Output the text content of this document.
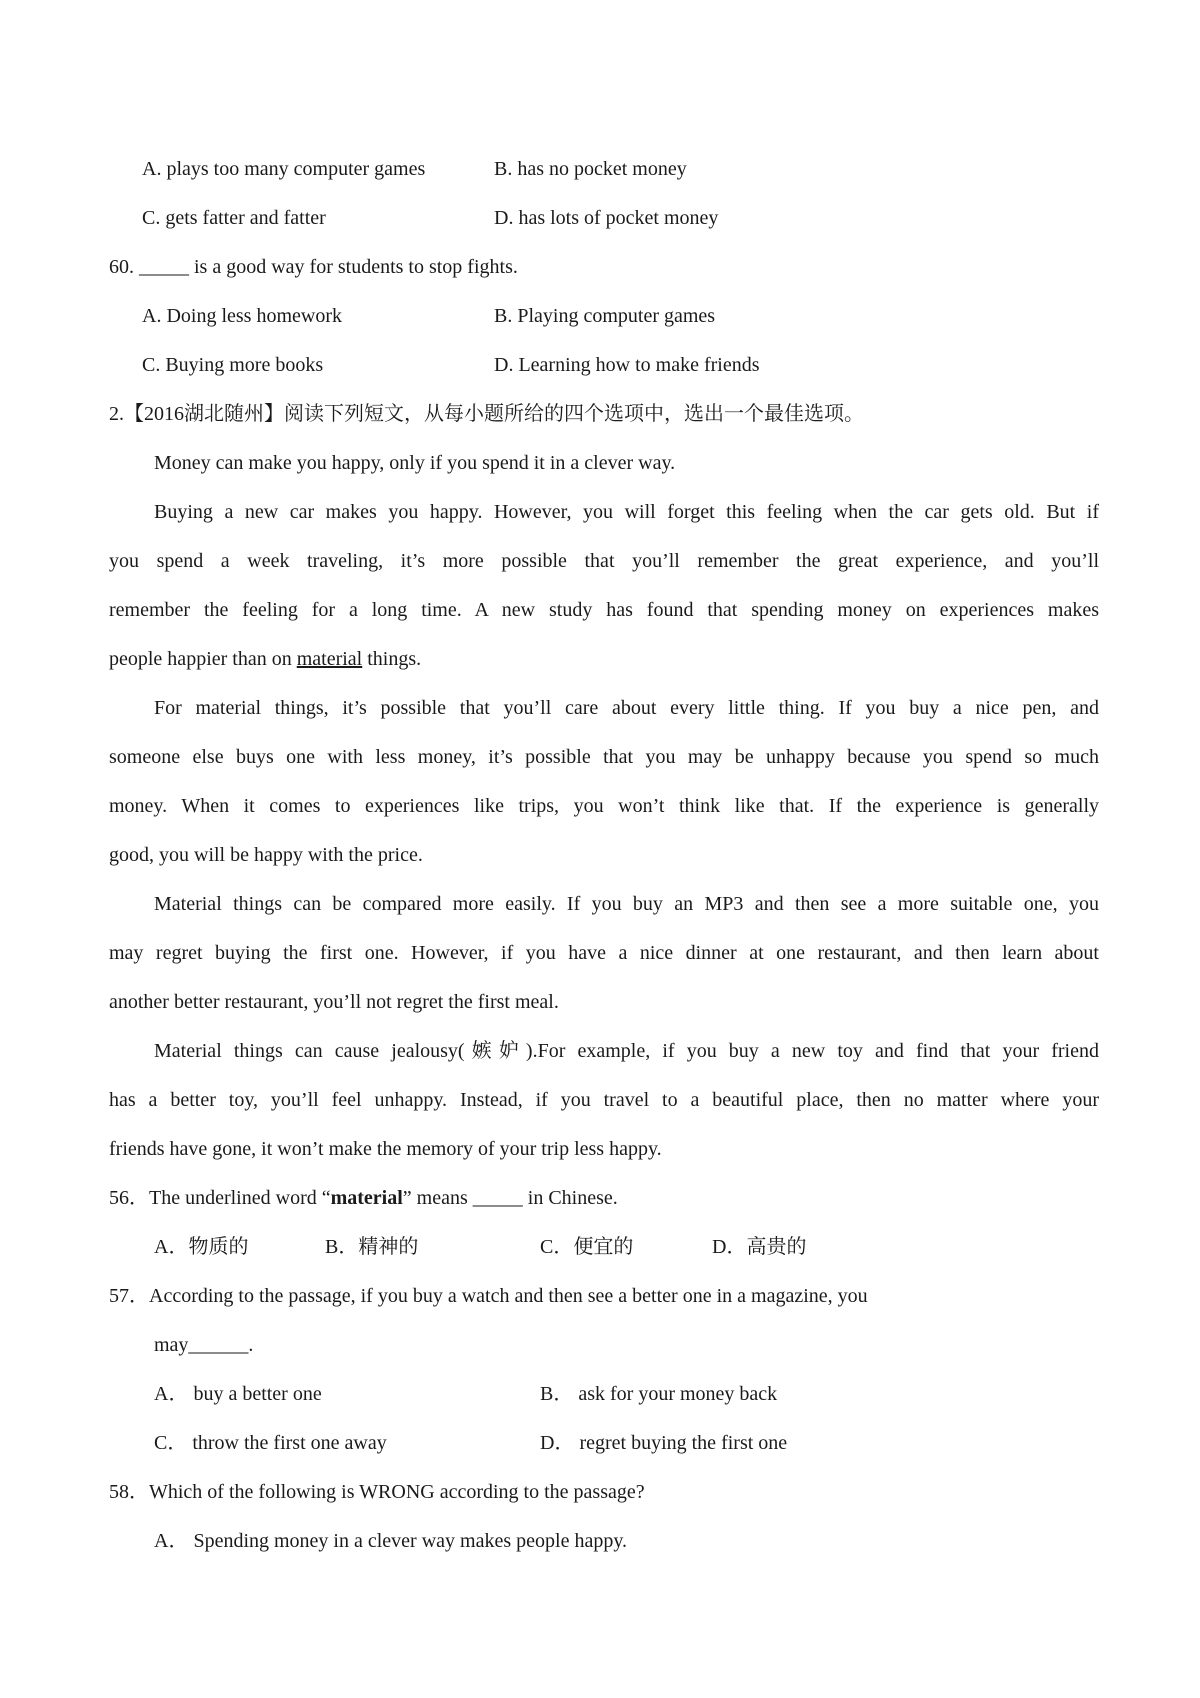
A. plays too many computer games	B. has no pocket money
C. gets fatter and fatter	D. has lots of pocket money
60. _____ is a good way for students to stop fights.
A. Doing less homework	B. Playing computer games
C. Buying more books	D. Learning how to make friends
2.【2016湖北随州】阅读下列短文，从每小题所给的四个选项中，选出一个最佳选项。
Money can make you happy, only if you spend it in a clever way.
Buying a new car makes you happy. However, you will forget this feeling when the car gets old. But if
you spend a week traveling, it’s more possible that you’ll remember the great experience, and you’ll
remember the feeling for a long time. A new study has found that spending money on experiences makes
people happier than on material things.
For material things, it’s possible that you’ll care about every little thing. If you buy a nice pen, and
someone else buys one with less money, it’s possible that you may be unhappy because you spend so much
money. When it comes to experiences like trips, you won’t think like that. If the experience is generally
good, you will be happy with the price.
Material things can be compared more easily. If you buy an MP3 and then see a more suitable one, you
may regret buying the first one. However, if you have a nice dinner at one restaurant, and then learn about
another better restaurant, you’ll not regret the first meal.
Material things can cause jealousy(嫉妒).For example, if you buy a new toy and find that your friend
has a better toy, you’ll feel unhappy. Instead, if you travel to a beautiful place, then no matter where your
friends have gone, it won’t make the memory of your trip less happy.
56．The underlined word “material” means _____ in Chinese.
A．物质的	B．精神的	C．便宜的	D．高贵的
57．According to the passage, if you buy a watch and then see a better one in a magazine, you
may______.
A． buy a better one	B． ask for your money back
C． throw the first one away	D． regret buying the first one
58．Which of the following is WRONG according to the passage?
A． Spending money in a clever way makes people happy.
